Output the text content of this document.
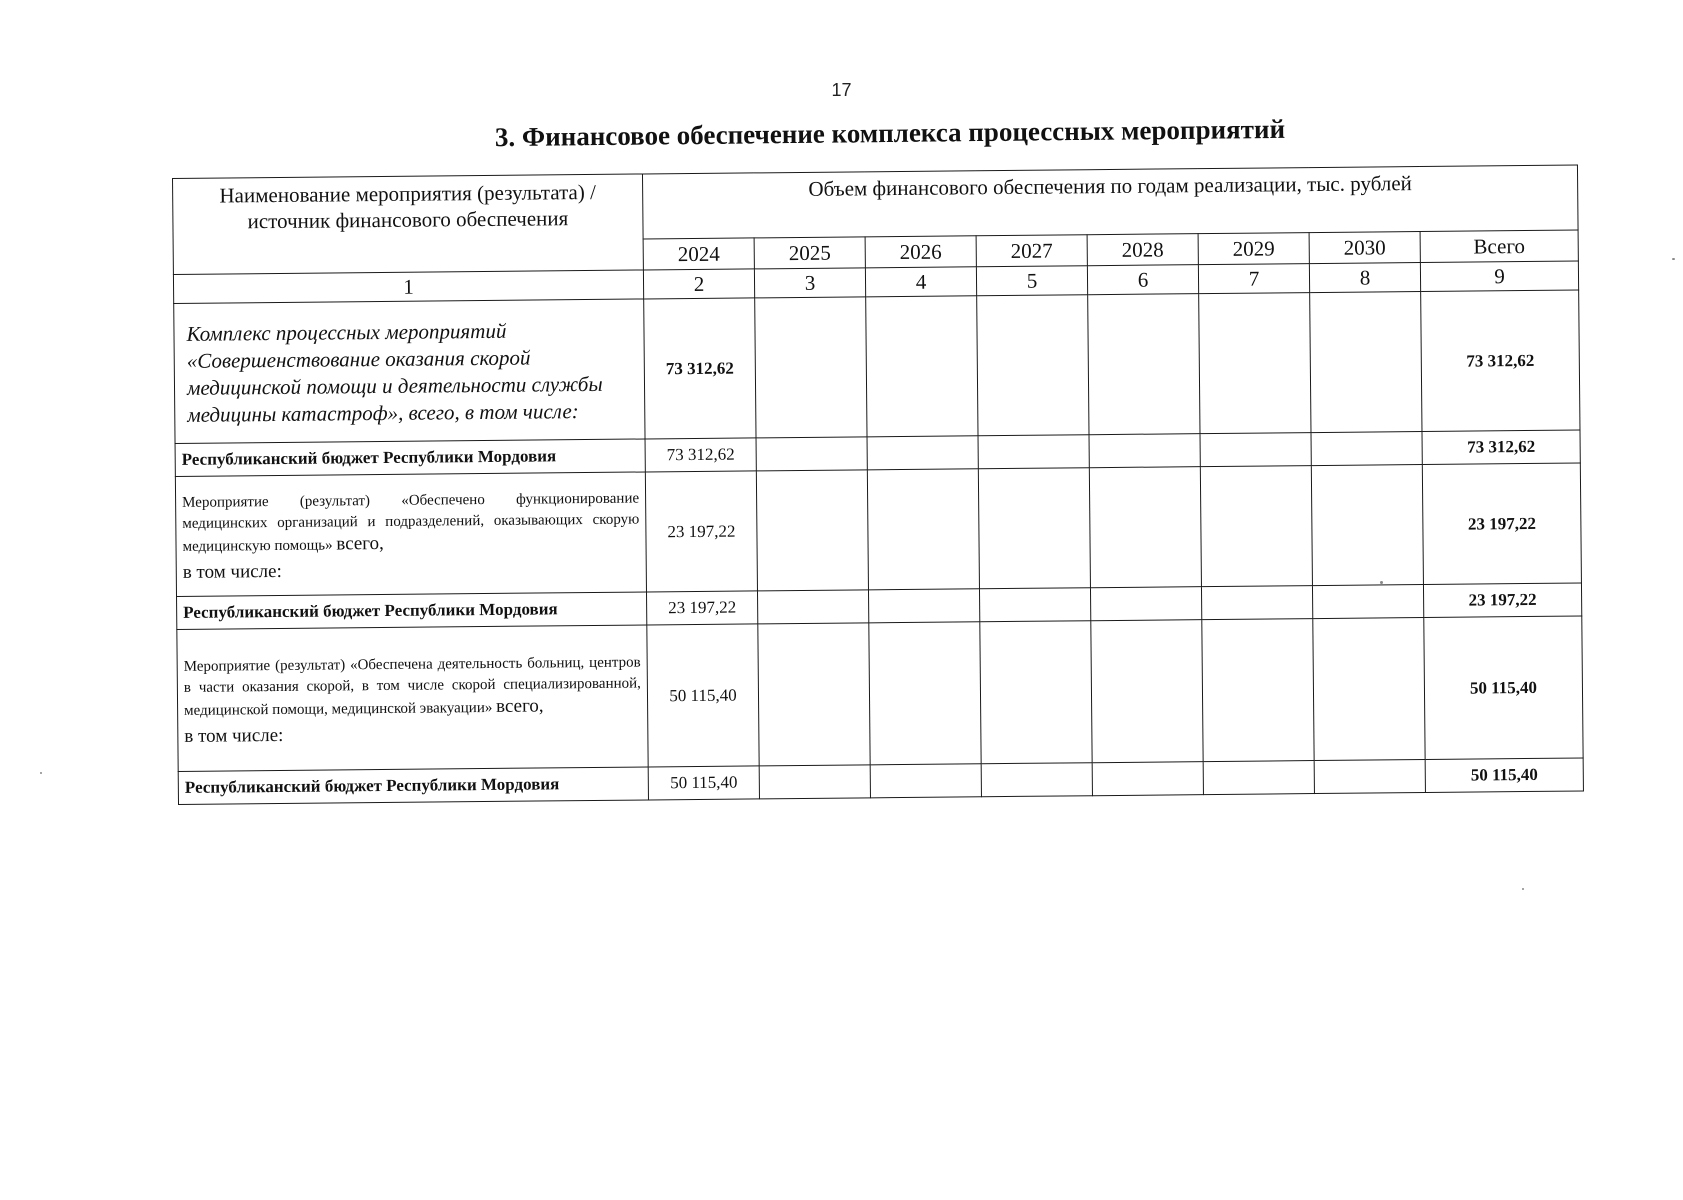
17
3. Финансовое обеспечение комплекса процессных мероприятий
Наименование мероприятия (результата) / источник финансового обеспечения	Объем финансового обеспечения по годам реализации, тыс. рублей							
	2024	2025	2026	2027	2028	2029	2030	Всего
1	2	3	4	5	6	7	8	9
Комплекс процессных мероприятий «Совершенствование оказания скорой медицинской помощи и деятельности службы медицины катастроф», всего, в том числе:	73 312,62							73 312,62
Республиканский бюджет Республики Мордовия	73 312,62							73 312,62
Мероприятие (результат) «Обеспечено функционирование медицинских организаций и подразделений, оказывающих скорую медицинскую помощь» всего,
в том числе:	23 197,22							23 197,22
Республиканский бюджет Республики Мордовия	23 197,22							23 197,22
Мероприятие (результат) «Обеспечена деятельность больниц, центров в части оказания скорой, в том числе скорой специализированной, медицинской помощи, медицинской эвакуации» всего,
в том числе:	50 115,40							50 115,40
Республиканский бюджет Республики Мордовия	50 115,40							50 115,40
